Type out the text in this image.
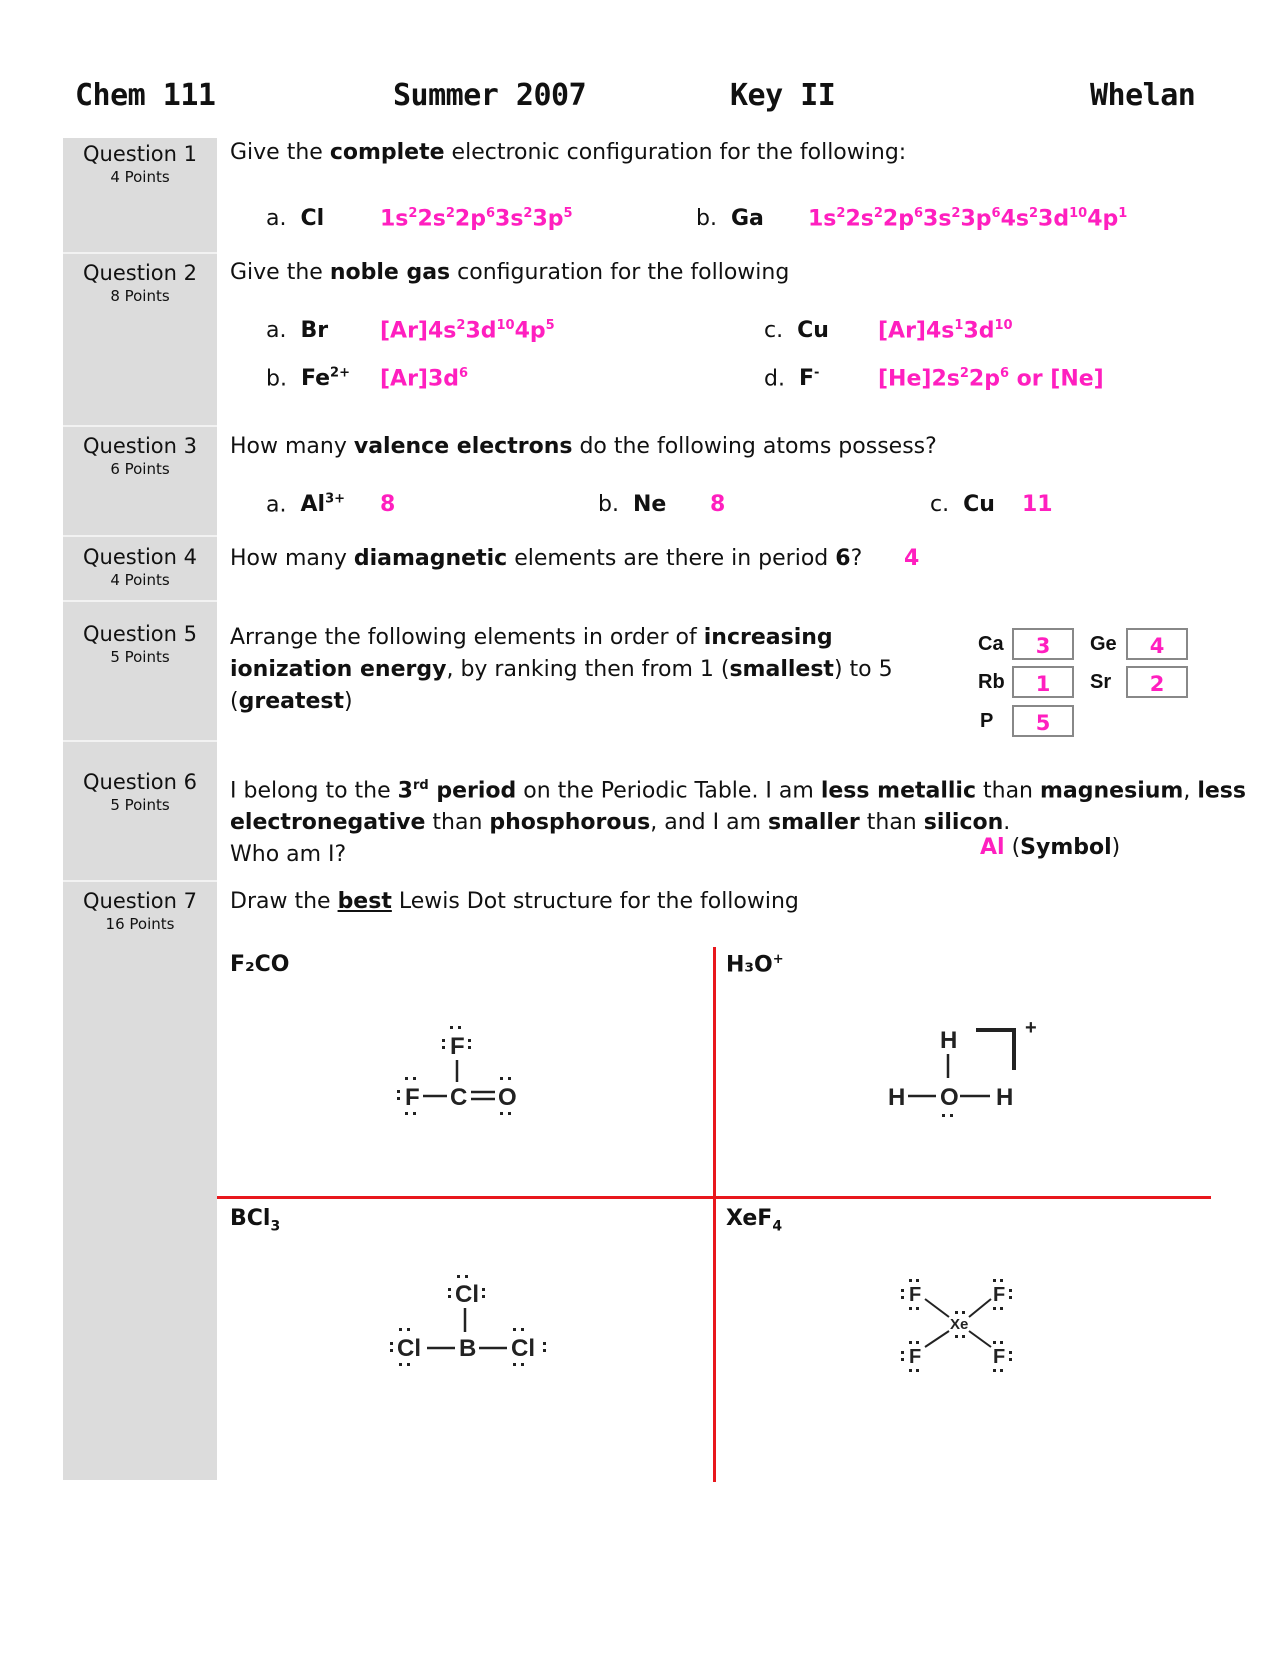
Chem 111	Summer 2007	Key II	Whelan
Question 1
4 Points
Question 2
8 Points
Question 3
6 Points
Question 4
4 Points
Question 5
5 Points
Question 6
5 Points
Question 7
16 Points
Give the complete electronic configuration for the following:
a. Cl	$1s^22s^22p^63s^23p^5$	b. Ga $1s^22s^22p^63s^23p^64s^23d^{10}4p^1$
Give the noble gas configuration for the following
a. Br $[Ar]4s^23d^{10}4p^5$
b. $Fe^{2+}$ $[Ar]3d^6$
c. Cu $[Ar]4s^13d^{10}$
d. F-	$[He]2s^22p^6$ or [Ne]
How many valence electrons do the following atoms possess?
a. $Al^{3+}$ 8	b. Ne 8	c. Cu 11
How many diamagnetic elements are there in period 6? 4
Arrange the following elements in order of increasing
ionization energy, by ranking then from 1 (smallest) to 5
(greatest)
Ca	3	Ge	4
Rb	1	Sr	2
P	5
I belong to the 3rd period on the Periodic Table. I am less metallic than magnesium, less
electronegative than phosphorous, and I am smaller than silicon.
Who am I?	Al (Symbol)
Draw the best Lewis Dot structure for the following
F₂CO	H₃O+
BCl$_3$	XeF$_4$
F
F C O
H
H O H
+
Cl
Cl B Cl
F	F
F	F
Xe
